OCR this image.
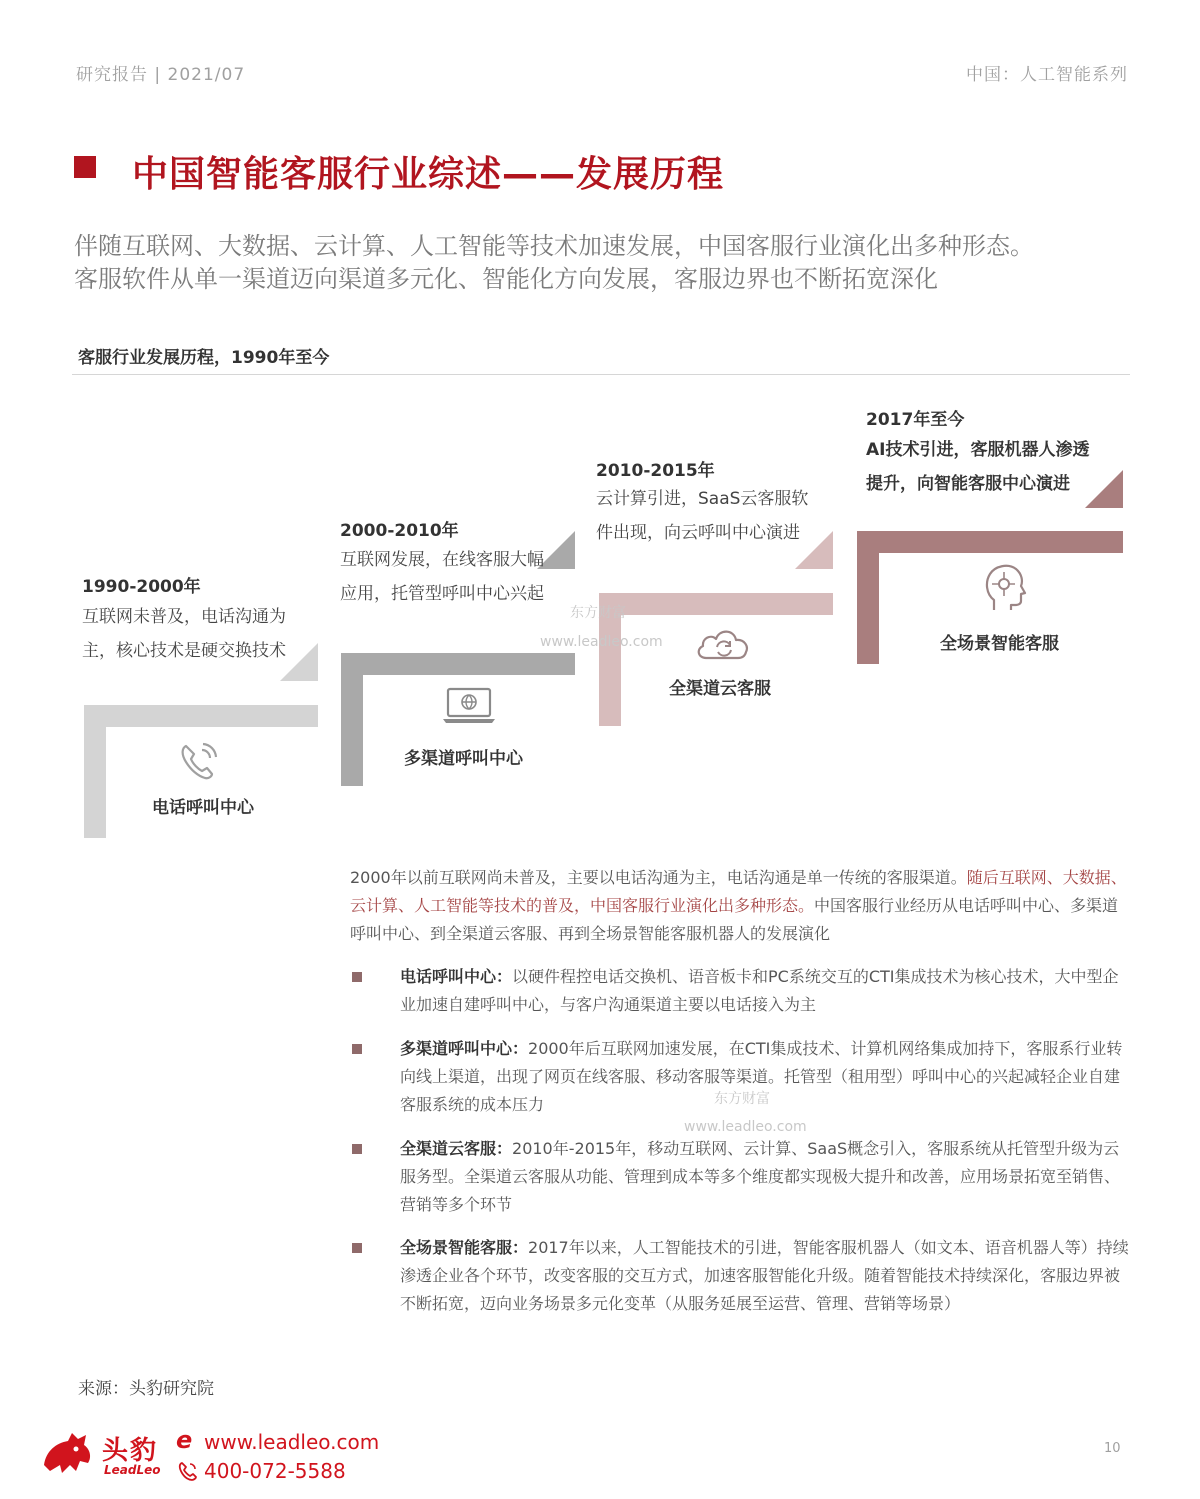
研究报告 | 2021/07	中国：人工智能系列
中国智能客服行业综述——发展历程
伴随互联网、大数据、云计算、人工智能等技术加速发展，中国客服行业演化出多种形态。
客服软件从单一渠道迈向渠道多元化、智能化方向发展，客服边界也不断拓宽深化
客服行业发展历程，1990年至今
1990-2000年
互联网未普及，电话沟通为
主，核心技术是硬交换技术
电话呼叫中心
2000-2010年
互联网发展，在线客服大幅
应用，托管型呼叫中心兴起
多渠道呼叫中心
2010-2015年
云计算引进，SaaS云客服软
件出现，向云呼叫中心演进
全渠道云客服
2017年至今
AI技术引进，客服机器人渗透
提升，向智能客服中心演进
全场景智能客服
东方财富
www.leadleo.com
东方财富
www.leadleo.com
2000年以前互联网尚未普及，主要以电话沟通为主，电话沟通是单一传统的客服渠道。随后互联网、大数据、云计算、人工智能等技术的普及，中国客服行业演化出多种形态。中国客服行业经历从电话呼叫中心、多渠道呼叫中心、到全渠道云客服、再到全场景智能客服机器人的发展演化
电话呼叫中心：以硬件程控电话交换机、语音板卡和PC系统交互的CTI集成技术为核心技术，大中型企业加速自建呼叫中心，与客户沟通渠道主要以电话接入为主
多渠道呼叫中心：2000年后互联网加速发展，在CTI集成技术、计算机网络集成加持下，客服系行业转向线上渠道，出现了网页在线客服、移动客服等渠道。托管型（租用型）呼叫中心的兴起减轻企业自建客服系统的成本压力
全渠道云客服：2010年-2015年，移动互联网、云计算、SaaS概念引入，客服系统从托管型升级为云服务型。全渠道云客服从功能、管理到成本等多个维度都实现极大提升和改善，应用场景拓宽至销售、营销等多个环节
全场景智能客服：2017年以来，人工智能技术的引进，智能客服机器人（如文本、语音机器人等）持续渗透企业各个环节，改变客服的交互方式，加速客服智能化升级。随着智能技术持续深化，客服边界被不断拓宽，迈向业务场景多元化变革（从服务延展至运营、管理、营销等场景）
来源：头豹研究院
头豹
LeadLeo
e www.leadleo.com
400-072-5588
10
